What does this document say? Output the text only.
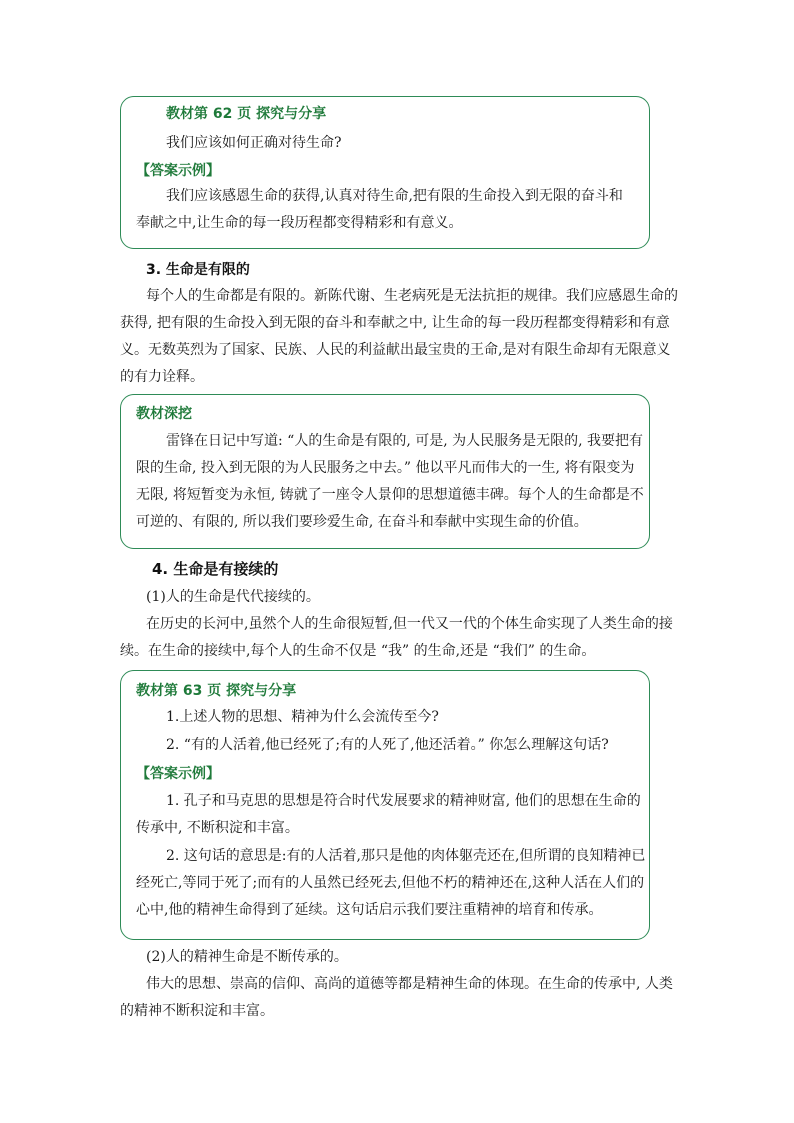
教材第 62 页 探究与分享
我们应该如何正确对待生命?
【答案示例】
我们应该感恩生命的获得,认真对待生命,把有限的生命投入到无限的奋斗和
奉献之中,让生命的每一段历程都变得精彩和有意义。
3. 生命是有限的
每个人的生命都是有限的。新陈代谢、生老病死是无法抗拒的规律。我们应感恩生命的
获得, 把有限的生命投入到无限的奋斗和奉献之中, 让生命的每一段历程都变得精彩和有意
义。无数英烈为了国家、民族、人民的利益献出最宝贵的王命,是对有限生命却有无限意义
的有力诠释。
教材深挖
雷锋在日记中写道: “人的生命是有限的, 可是, 为人民服务是无限的, 我要把有
限的生命, 投入到无限的为人民服务之中去。” 他以平凡而伟大的一生, 将有限变为
无限, 将短暂变为永恒, 铸就了一座令人景仰的思想道德丰碑。每个人的生命都是不
可逆的、有限的, 所以我们要珍爱生命, 在奋斗和奉献中实现生命的价值。
4. 生命是有接续的
(1)人的生命是代代接续的。
在历史的长河中,虽然个人的生命很短暂,但一代又一代的个体生命实现了人类生命的接
续。在生命的接续中,每个人的生命不仅是 “我” 的生命,还是 “我们” 的生命。
教材第 63 页 探究与分享
1.上述人物的思想、精神为什么会流传至今?
2. “有的人活着,他已经死了;有的人死了,他还活着。” 你怎么理解这句话?
【答案示例】
1. 孔子和马克思的思想是符合时代发展要求的精神财富, 他们的思想在生命的
传承中, 不断积淀和丰富。
2. 这句话的意思是:有的人活着,那只是他的肉体躯壳还在,但所谓的良知精神已
经死亡,等同于死了;而有的人虽然已经死去,但他不朽的精神还在,这种人活在人们的
心中,他的精神生命得到了延续。这句话启示我们要注重精神的培育和传承。
(2)人的精神生命是不断传承的。
伟大的思想、崇高的信仰、高尚的道德等都是精神生命的体现。在生命的传承中, 人类
的精神不断积淀和丰富。
